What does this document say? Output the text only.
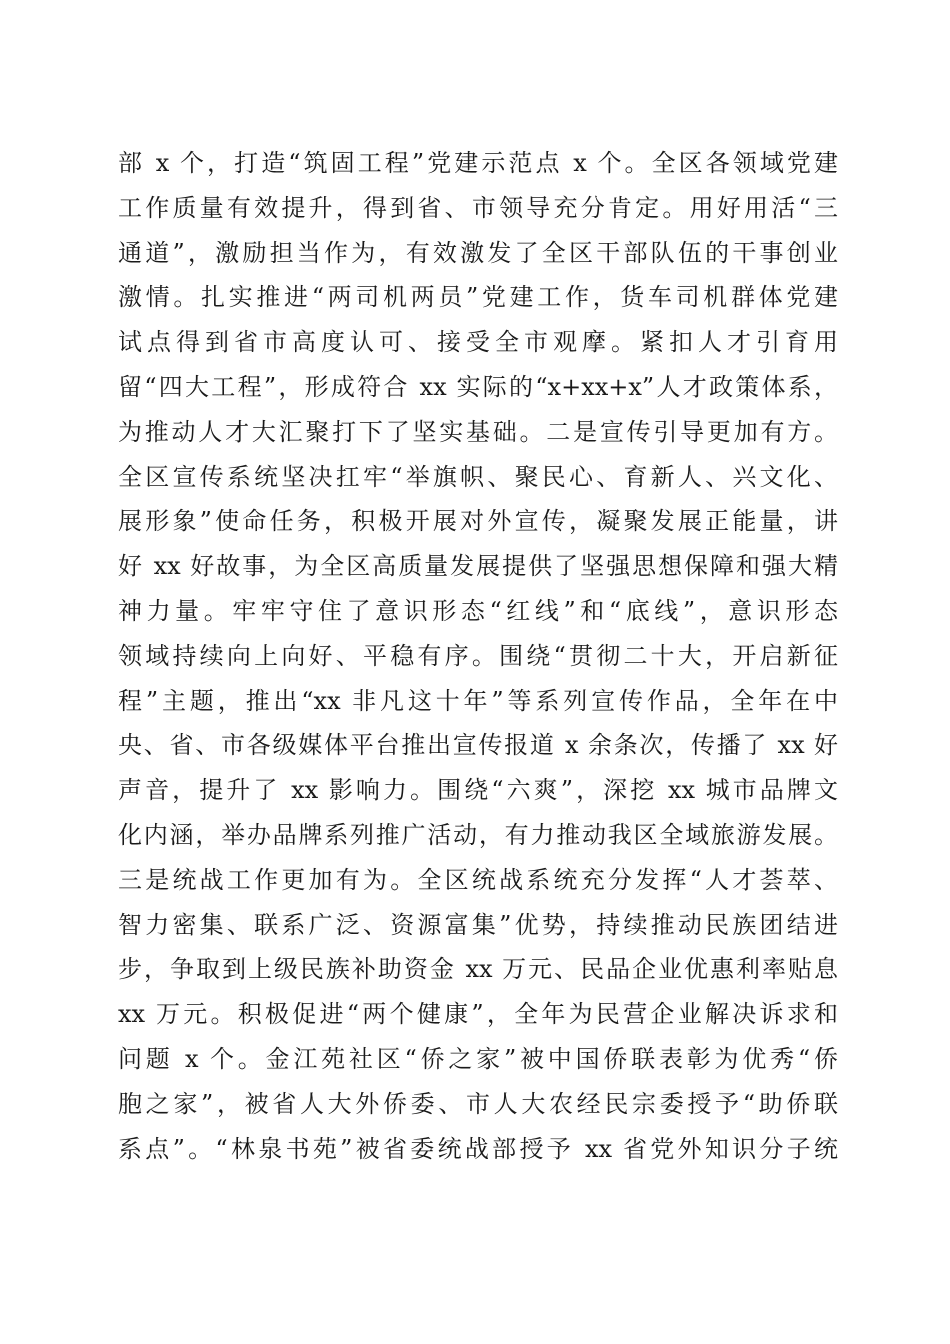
部 x 个，打造“筑固工程”党建示范点 x 个。全区各领域党建
工作质量有效提升，得到省、市领导充分肯定。用好用活“三
通道”，激励担当作为，有效激发了全区干部队伍的干事创业
激情。扎实推进“两司机两员”党建工作，货车司机群体党建
试点得到省市高度认可、接受全市观摩。紧扣人才引育用
留“四大工程”，形成符合 xx 实际的“x+xx+x”人才政策体系，
为推动人才大汇聚打下了坚实基础。二是宣传引导更加有方。
全区宣传系统坚决扛牢“举旗帜、聚民心、育新人、兴文化、
展形象”使命任务，积极开展对外宣传，凝聚发展正能量，讲
好 xx 好故事，为全区高质量发展提供了坚强思想保障和强大精
神力量。牢牢守住了意识形态“红线”和“底线”，意识形态
领域持续向上向好、平稳有序。围绕“贯彻二十大，开启新征
程”主题，推出“xx 非凡这十年”等系列宣传作品，全年在中
央、省、市各级媒体平台推出宣传报道 x 余条次，传播了 xx 好
声音，提升了 xx 影响力。围绕“六爽”，深挖 xx 城市品牌文
化内涵，举办品牌系列推广活动，有力推动我区全域旅游发展。
三是统战工作更加有为。全区统战系统充分发挥“人才荟萃、
智力密集、联系广泛、资源富集”优势，持续推动民族团结进
步，争取到上级民族补助资金 xx 万元、民品企业优惠利率贴息
xx 万元。积极促进“两个健康”，全年为民营企业解决诉求和
问题 x 个。金江苑社区“侨之家”被中国侨联表彰为优秀“侨
胞之家”，被省人大外侨委、市人大农经民宗委授予“助侨联
系点”。“林泉书苑”被省委统战部授予 xx 省党外知识分子统
